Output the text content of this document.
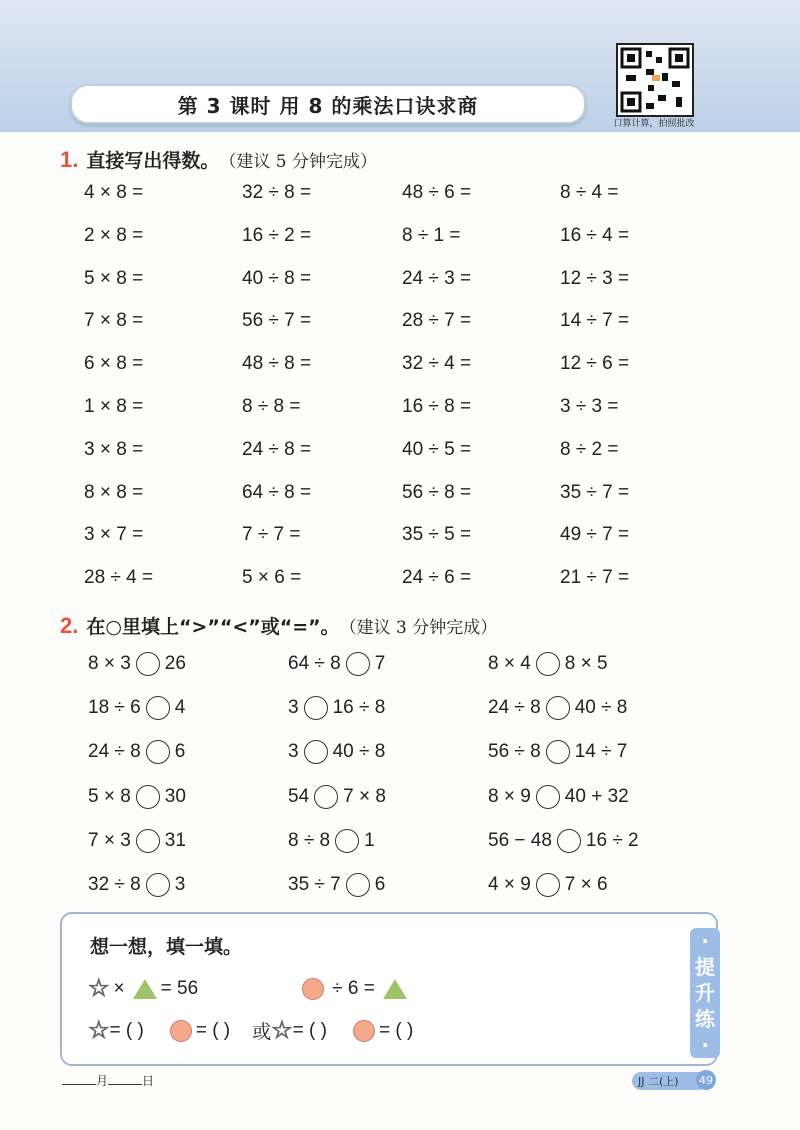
第 3 课时 用 8 的乘法口诀求商
口算计算，拍照批改
1. 直接写出得数。 （建议 5 分钟完成）
4 × 8 =	32 ÷ 8 =	48 ÷ 6 =	8 ÷ 4 =
2 × 8 =	16 ÷ 2 =	8 ÷ 1 =	16 ÷ 4 =
5 × 8 =	40 ÷ 8 =	24 ÷ 3 =	12 ÷ 3 =
7 × 8 =	56 ÷ 7 =	28 ÷ 7 =	14 ÷ 7 =
6 × 8 =	48 ÷ 8 =	32 ÷ 4 =	12 ÷ 6 =
1 × 8 =	8 ÷ 8 =	16 ÷ 8 =	3 ÷ 3 =
3 × 8 =	24 ÷ 8 =	40 ÷ 5 =	8 ÷ 2 =
8 × 8 =	64 ÷ 8 =	56 ÷ 8 =	35 ÷ 7 =
3 × 7 =	7 ÷ 7 =	35 ÷ 5 =	49 ÷ 7 =
28 ÷ 4 =	5 × 6 =	24 ÷ 6 =	21 ÷ 7 =
2. 在○里填上“>”“<”或“=”。 （建议 3 分钟完成）
8 × 3 26	64 ÷ 8 7	8 × 4 8 × 5
18 ÷ 6 4	3 16 ÷ 8	24 ÷ 8 40 ÷ 8
24 ÷ 8 6	3 40 ÷ 8	56 ÷ 8 14 ÷ 7
5 × 8 30	54 7 × 8	8 × 9 40 + 32
7 × 3 31	8 ÷ 8 1	56 − 48 16 ÷ 2
32 ÷ 8 3	35 ÷ 7 6	4 × 9 7 × 6
想一想，填一填。
☆ × = 56	÷ 6 =
☆ = ( )	= ( ) 或 ☆ = ( )	= ( )
·
提
升
练
·
月	日	JJ 二(上)	49
